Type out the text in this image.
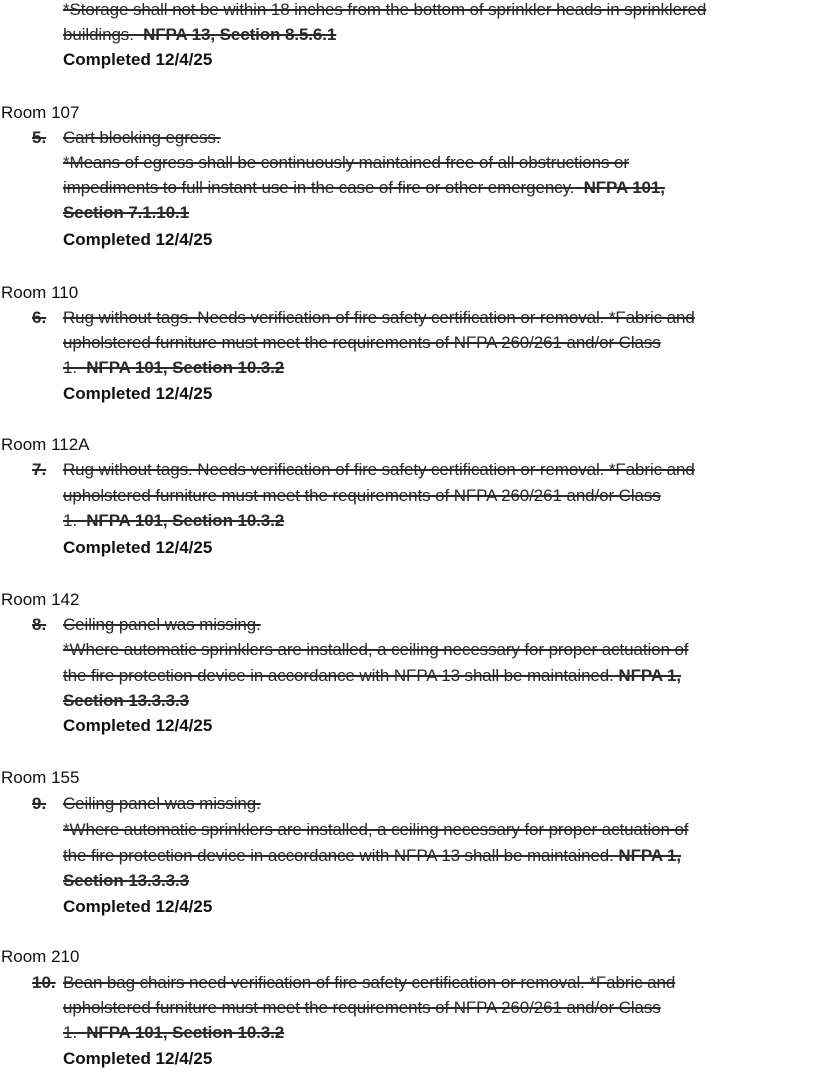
*Storage shall not be within 18 inches from the bottom of sprinkler heads in sprinklered
buildings. NFPA 13, Section 8.5.6.1
Completed 12/4/25
Room 107
5. Cart blocking egress.
*Means of egress shall be continuously maintained free of all obstructions or
impediments to full instant use in the case of fire or other emergency. NFPA 101,
Section 7.1.10.1
Completed 12/4/25
Room 110
6. Rug without tags. Needs verification of fire safety certification or removal. *Fabric and
upholstered furniture must meet the requirements of NFPA 260/261 and/or Class
1. NFPA 101, Section 10.3.2
Completed 12/4/25
Room 112A
7. Rug without tags. Needs verification of fire safety certification or removal. *Fabric and
upholstered furniture must meet the requirements of NFPA 260/261 and/or Class
1. NFPA 101, Section 10.3.2
Completed 12/4/25
Room 142
8. Ceiling panel was missing.
*Where automatic sprinklers are installed, a ceiling necessary for proper actuation of
the fire protection device in accordance with NFPA 13 shall be maintained. NFPA 1,
Section 13.3.3.3
Completed 12/4/25
Room 155
9. Ceiling panel was missing.
*Where automatic sprinklers are installed, a ceiling necessary for proper actuation of
the fire protection device in accordance with NFPA 13 shall be maintained. NFPA 1,
Section 13.3.3.3
Completed 12/4/25
Room 210
10. Bean bag chairs need verification of fire safety certification or removal. *Fabric and
upholstered furniture must meet the requirements of NFPA 260/261 and/or Class
1. NFPA 101, Section 10.3.2
Completed 12/4/25
